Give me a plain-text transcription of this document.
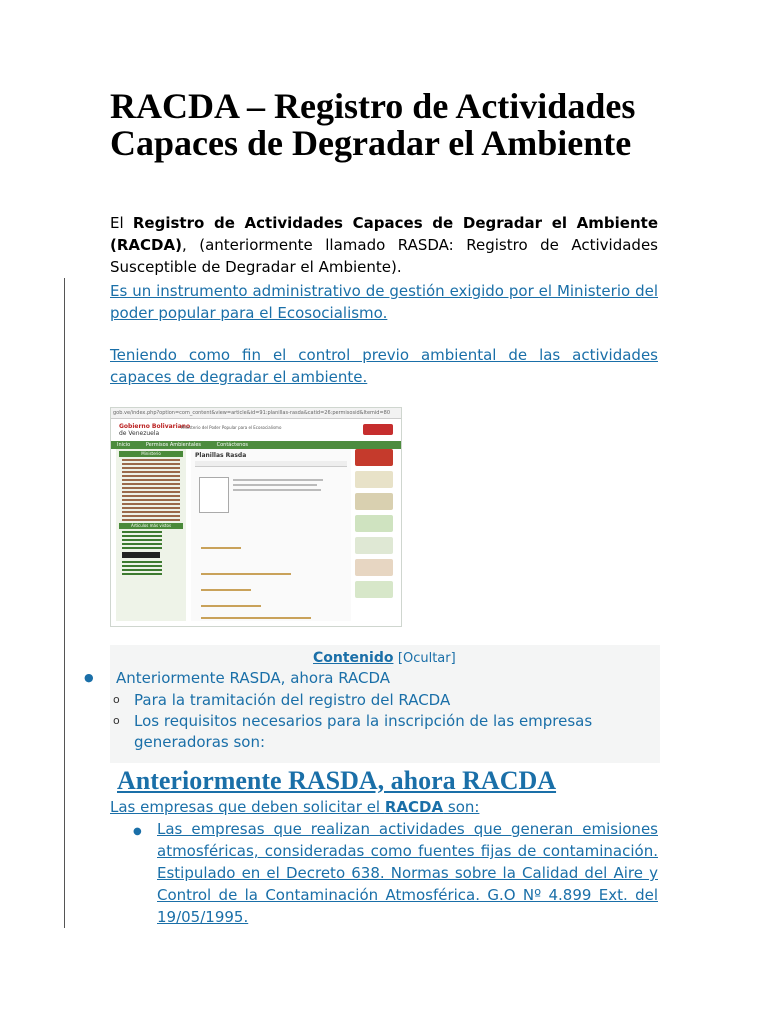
RACDA – Registro de Actividades Capaces de Degradar el Ambiente

El Registro de Actividades Capaces de Degradar el Ambiente (RACDA), (anteriormente llamado RASDA: Registro de Actividades Susceptible de Degradar el Ambiente).

Es un instrumento administrativo de gestión exigido por el Ministerio del poder popular para el Ecosocialismo.

Teniendo como fin el control previo ambiental de las actividades capaces de degradar el ambiente.

gob.ve/index.php?option=com_content&view=article&id=91:planillas-rasda&catid=26:permisosid&Itemid=80
Gobierno Bolivariano
de Venezuela
Ministerio del Poder Popular para el Ecosocialismo
Inicio	Permisos Ambientales	Contáctenos
Ministerio
Artículos más vistos
Planillas Rasda
Contenido [Ocultar]
● Anteriormente RASDA, ahora RACDA
o Para la tramitación del registro del RACDA
o Los requisitos necesarios para la inscripción de las empresas
generadoras son:
Anteriormente RASDA, ahora RACDA
Las empresas que deben solicitar el RACDA son:
● Las empresas que realizan actividades que generan emisiones atmosféricas, consideradas como fuentes fijas de contaminación. Estipulado en el Decreto 638. Normas sobre la Calidad del Aire y Control de la Contaminación Atmosférica. G.O Nº 4.899 Ext. del 19/05/1995.
